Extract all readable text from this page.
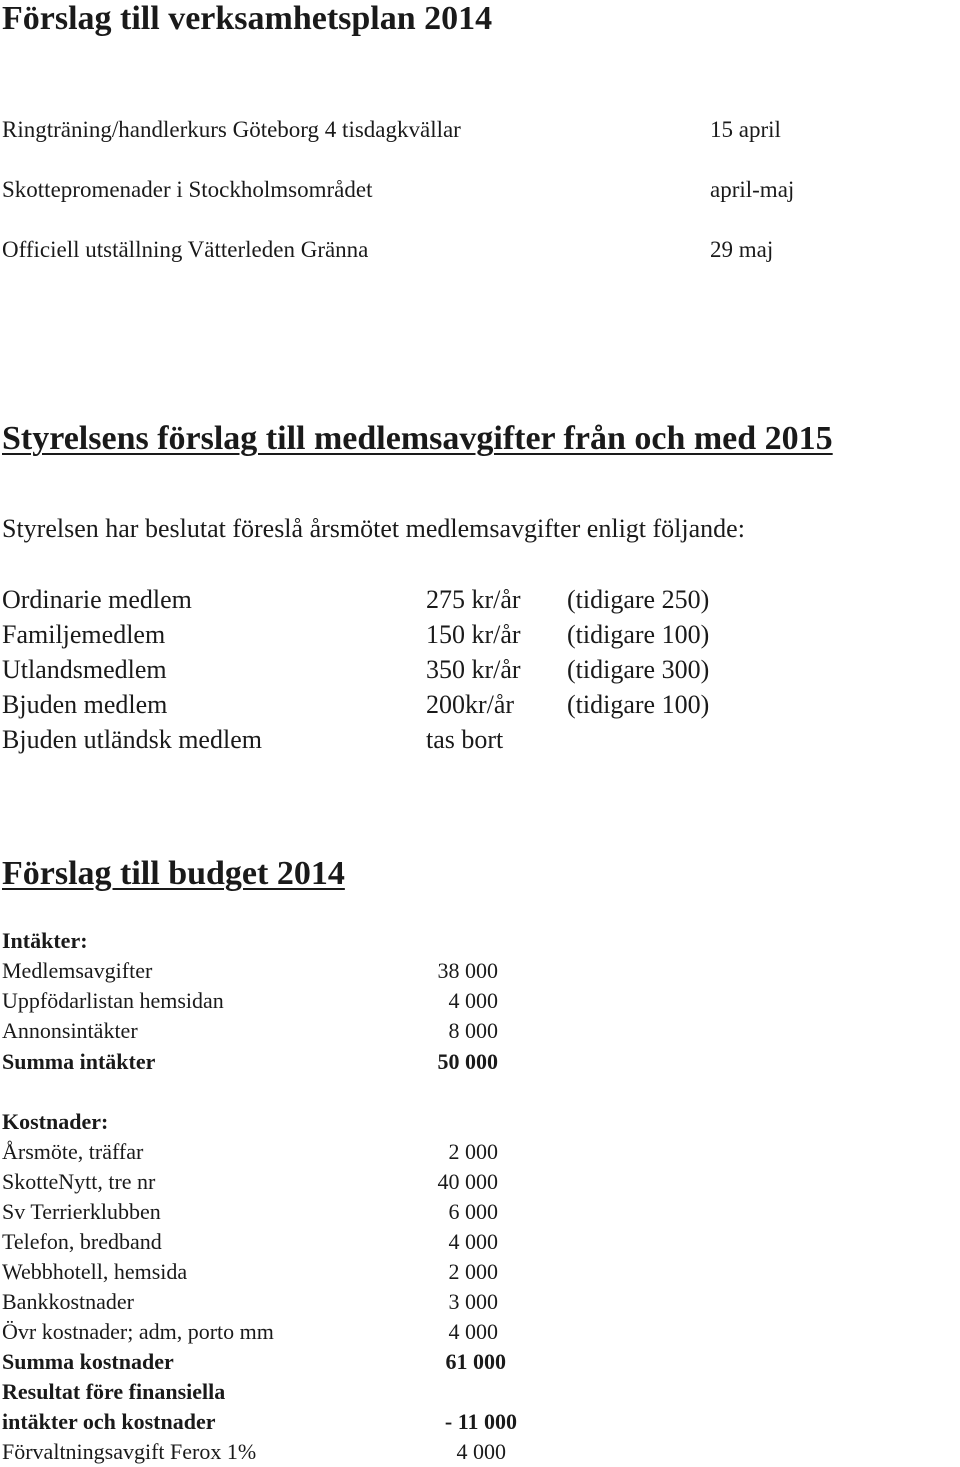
Förslag till verksamhetsplan 2014
Ringträning/handlerkurs Göteborg 4 tisdagkvällar	15 april
Skottepromenader i Stockholmsområdet	april-maj
Officiell utställning Vätterleden Gränna	29 maj
Styrelsens förslag till medlemsavgifter från och med 2015
Styrelsen har beslutat föreslå årsmötet medlemsavgifter enligt följande:
Ordinarie medlem	275 kr/år (tidigare 250)
Familjemedlem	150 kr/år (tidigare 100)
Utlandsmedlem	350 kr/år (tidigare 300)
Bjuden medlem	200kr/år (tidigare 100)
Bjuden utländsk medlem	tas bort
Förslag till budget 2014
Intäkter:
Medlemsavgifter	38 000
Uppfödarlistan hemsidan	4 000
Annonsintäkter	8 000
Summa intäkter	50 000
Kostnader:
Årsmöte, träffar	2 000
SkotteNytt, tre nr	40 000
Sv Terrierklubben	6 000
Telefon, bredband	4 000
Webbhotell, hemsida	2 000
Bankkostnader	3 000
Övr kostnader; adm, porto mm	4 000
Summa kostnader	61 000
Resultat före finansiella
intäkter och kostnader	- 11 000
Förvaltningsavgift Ferox 1%	4 000
